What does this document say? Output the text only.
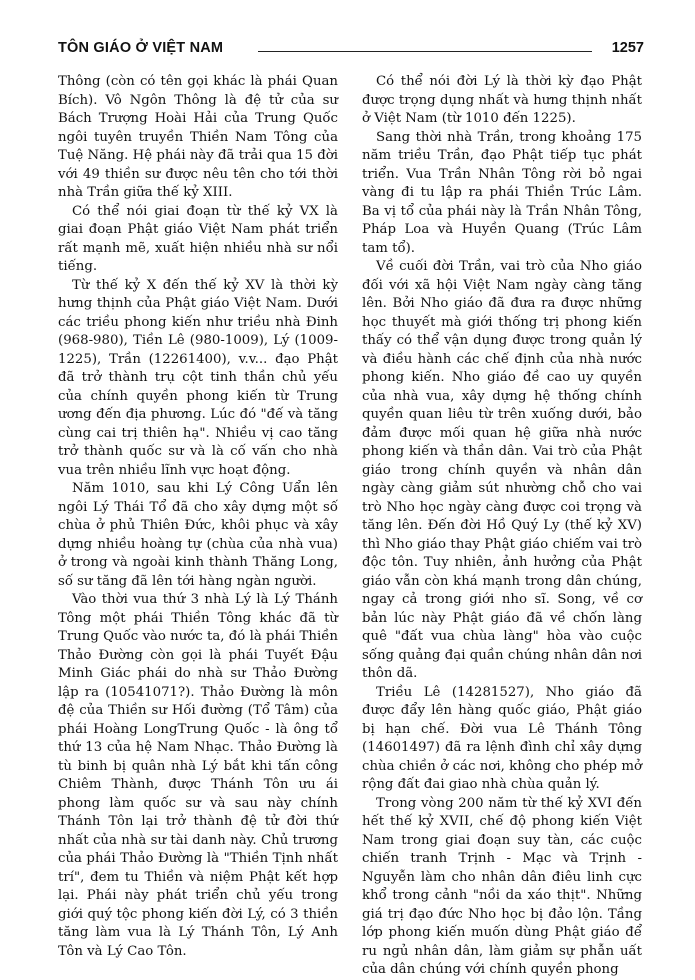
TÔN GIÁO Ở VIỆT NAM	1257

Thông (còn có tên gọi khác là phái Quan Bích). Vô Ngôn Thông là đệ tử của sư Bách Trượng Hoài Hải của Trung Quốc ngôi tuyên truyền Thiền Nam Tông của Tuệ Năng. Hệ phái này đã trải qua 15 đời với 49 thiền sư được nêu tên cho tới thời nhà Trần giữa thế kỷ XIII.

Có thể nói giai đoạn từ thế kỷ VX là giai đoạn Phật giáo Việt Nam phát triển rất mạnh mẽ, xuất hiện nhiều nhà sư nổi tiếng.

Từ thế kỷ X đến thế kỷ XV là thời kỳ hưng thịnh của Phật giáo Việt Nam. Dưới các triều phong kiến như triều nhà Đinh (968-980), Tiền Lê (980-1009), Lý (1009-1225), Trần (12261400), v.v... đạo Phật đã trở thành trụ cột tinh thần chủ yếu của chính quyền phong kiến từ Trung ương đến địa phương. Lúc đó "đế và tăng cùng cai trị thiên hạ". Nhiều vị cao tăng trở thành quốc sư và là cố vấn cho nhà vua trên nhiều lĩnh vực hoạt động.

Năm 1010, sau khi Lý Công Uẩn lên ngôi Lý Thái Tổ đã cho xây dựng một số chùa ở phủ Thiên Đức, khôi phục và xây dựng nhiều hoàng tự (chùa của nhà vua) ở trong và ngoài kinh thành Thăng Long, số sư tăng đã lên tới hàng ngàn người.

Vào thời vua thứ 3 nhà Lý là Lý Thánh Tông một phái Thiền Tông khác đã từ Trung Quốc vào nước ta, đó là phái Thiền Thảo Đường còn gọi là phái Tuyết Đậu Minh Giác phái do nhà sư Thảo Đường lập ra (10541071?). Thảo Đường là môn đệ của Thiền sư Hối đường (Tổ Tâm) của phái Hoàng LongTrung Quốc - là ông tổ thứ 13 của hệ Nam Nhạc. Thảo Đường là tù binh bị quân nhà Lý bắt khi tấn công Chiêm Thành, được Thánh Tôn ưu ái phong làm quốc sư và sau này chính Thánh Tôn lại trở thành đệ tử đời thứ nhất của nhà sư tài danh này. Chủ trương của phái Thảo Đường là "Thiền Tịnh nhất trí", đem tu Thiền và niệm Phật kết hợp lại. Phái này phát triển chủ yếu trong giới quý tộc phong kiến đời Lý, có 3 thiền tăng làm vua là Lý Thánh Tôn, Lý Anh Tôn và Lý Cao Tôn.

Có thể nói đời Lý là thời kỳ đạo Phật được trọng dụng nhất và hưng thịnh nhất ở Việt Nam (từ 1010 đến 1225).

Sang thời nhà Trần, trong khoảng 175 năm triều Trần, đạo Phật tiếp tục phát triển. Vua Trần Nhân Tông rời bỏ ngai vàng đi tu lập ra phái Thiền Trúc Lâm. Ba vị tổ của phái này là Trần Nhân Tông, Pháp Loa và Huyền Quang (Trúc Lâm tam tổ).

Về cuối đời Trần, vai trò của Nho giáo đối với xã hội Việt Nam ngày càng tăng lên. Bởi Nho giáo đã đưa ra được những học thuyết mà giới thống trị phong kiến thấy có thể vận dụng được trong quản lý và điều hành các chế định của nhà nước phong kiến. Nho giáo đề cao uy quyền của nhà vua, xây dựng hệ thống chính quyền quan liêu từ trên xuống dưới, bảo đảm được mối quan hệ giữa nhà nước phong kiến và thần dân. Vai trò của Phật giáo trong chính quyền và nhân dân ngày càng giảm sút nhường chỗ cho vai trò Nho học ngày càng được coi trọng và tăng lên. Đến đời Hồ Quý Ly (thế kỷ XV) thì Nho giáo thay Phật giáo chiếm vai trò độc tôn. Tuy nhiên, ảnh hưởng của Phật giáo vẫn còn khá mạnh trong dân chúng, ngay cả trong giới nho sĩ. Song, về cơ bản lúc này Phật giáo đã về chốn làng quê "đất vua chùa làng" hòa vào cuộc sống quảng đại quần chúng nhân dân nơi thôn dã.

Triều Lê (14281527), Nho giáo đã được đẩy lên hàng quốc giáo, Phật giáo bị hạn chế. Đời vua Lê Thánh Tông (14601497) đã ra lệnh đình chỉ xây dựng chùa chiền ở các nơi, không cho phép mở rộng đất đai giao nhà chùa quản lý.

Trong vòng 200 năm từ thế kỷ XVI đến hết thế kỷ XVII, chế độ phong kiến Việt Nam trong giai đoạn suy tàn, các cuộc chiến tranh Trịnh - Mạc và Trịnh - Nguyễn làm cho nhân dân điêu linh cực khổ trong cảnh "nồi da xáo thịt". Những giá trị đạo đức Nho học bị đảo lộn. Tầng lớp phong kiến muốn dùng Phật giáo để ru ngủ nhân dân, làm giảm sự phẫn uất của dân chúng với chính quyền phong
